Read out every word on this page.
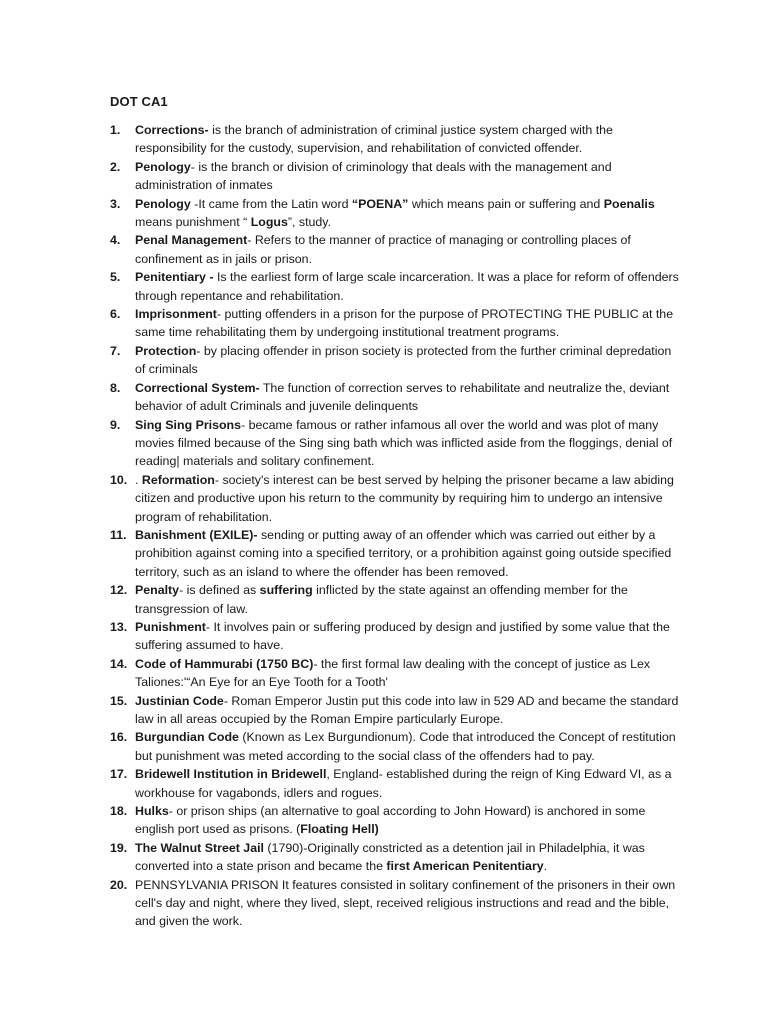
DOT CA1
1. Corrections- is the branch of administration of criminal justice system charged with the responsibility for the custody, supervision, and rehabilitation of convicted offender.
2. Penology- is the branch or division of criminology that deals with the management and administration of inmates
3. Penology -It came from the Latin word “POENA” which means pain or suffering and Poenalis means punishment “ Logus”, study.
4. Penal Management- Refers to the manner of practice of managing or controlling places of confinement as in jails or prison.
5. Penitentiary - Is the earliest form of large scale incarceration. It was a place for reform of offenders through repentance and rehabilitation.
6. Imprisonment- putting offenders in a prison for the purpose of PROTECTING THE PUBLIC at the same time rehabilitating them by undergoing institutional treatment programs.
7. Protection- by placing offender in prison society is protected from the further criminal depredation of criminals
8. Correctional System- The function of correction serves to rehabilitate and neutralize the, deviant behavior of adult Criminals and juvenile delinquents
9. Sing Sing Prisons- became famous or rather infamous all over the world and was plot of many movies filmed because of the Sing sing bath which was inflicted aside from the floggings, denial of reading| materials and solitary confinement.
10. . Reformation- society's interest can be best served by helping the prisoner became a law abiding citizen and productive upon his return to the community by requiring him to undergo an intensive program of rehabilitation.
11. Banishment (EXILE)- sending or putting away of an offender which was carried out either by a prohibition against coming into a specified territory, or a prohibition against going outside specified territory, such as an island to where the offender has been removed.
12. Penalty- is defined as suffering inflicted by the state against an offending member for the transgression of law.
13. Punishment- It involves pain or suffering produced by design and justified by some value that the suffering assumed to have.
14. Code of Hammurabi (1750 BC)- the first formal law dealing with the concept of justice as Lex Taliones:'“An Eye for an Eye Tooth for a Tooth'
15. Justinian Code- Roman Emperor Justin put this code into law in 529 AD and became the standard law in all areas occupied by the Roman Empire particularly Europe.
16. Burgundian Code (Known as Lex Burgundionum). Code that introduced the Concept of restitution but punishment was meted according to the social class of the offenders had to pay.
17. Bridewell Institution in Bridewell, England- established during the reign of King Edward VI, as a workhouse for vagabonds, idlers and rogues.
18. Hulks- or prison ships (an alternative to goal according to John Howard) is anchored in some english port used as prisons. (Floating Hell)
19. The Walnut Street Jail (1790)-Originally constricted as a detention jail in Philadelphia, it was converted into a state prison and became the first American Penitentiary.
20. PENNSYLVANIA PRISON It features consisted in solitary confinement of the prisoners in their own cell's day and night, where they lived, slept, received religious instructions and read and the bible, and given the work.
